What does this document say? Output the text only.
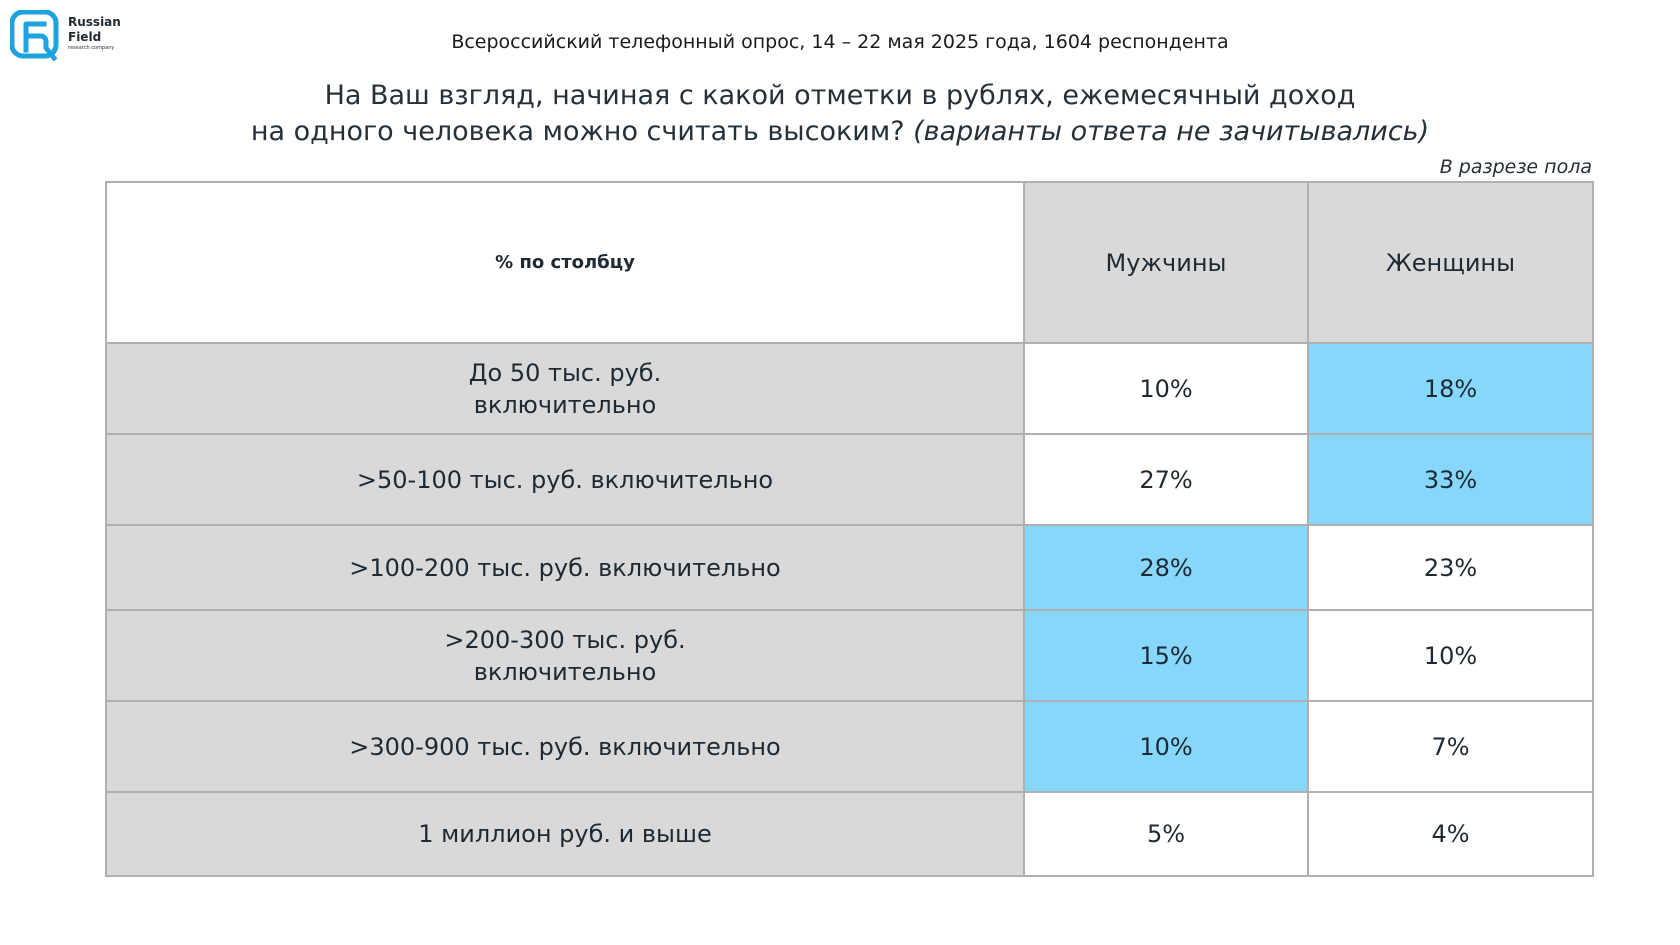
Russian
Field
research company	Всероссийский телефонный опрос, 14 – 22 мая 2025 года, 1604 респондента
На Ваш взгляд, начиная с какой отметки в рублях, ежемесячный доход
на одного человека можно считать высоким? (варианты ответа не зачитывались)
В разрезе пола
% по столбцу	Мужчины	Женщины
До 50 тыс. руб.
включительно	10%	18%
>50-100 тыс. руб. включительно	27%	33%
>100-200 тыс. руб. включительно	28%	23%
>200-300 тыс. руб.
включительно	15%	10%
>300-900 тыс. руб. включительно	10%	7%
1 миллион руб. и выше	5%	4%
